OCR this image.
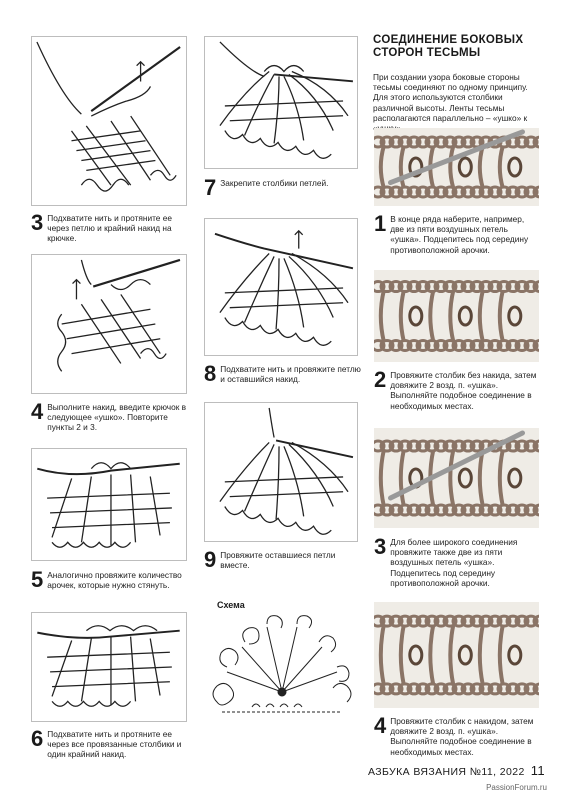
3 Подхватите нить и протяните ее через петлю и крайний накид на крючке.
4 Выполните накид, введите крючок в следующее «ушко». Повторите пункты 2 и 3.
5 Аналогично провяжите количество арочек, которые нужно стянуть.
6 Подхватите нить и протяните ее через все провязанные столбики и один крайний накид.
7 Закрепите столбики петлей.
8 Подхватите нить и провяжите петлю и оставшийся накид.
9 Провяжите оставшиеся петли вместе.
Схема
СОЕДИНЕНИЕ БОКОВЫХ
СТОРОН ТЕСЬМЫ
При создании узора боковые стороны тесьмы соединяют по одному принципу. Для этого используются столбики различной высоты. Ленты тесьмы располагаются параллельно – «ушко» к
1 В конце ряда наберите, например, две из пяти воздушных петель «ушка». Подцепитесь под середину противоположной арочки.
2 Провяжите столбик без накида, затем довяжите 2 возд. п. «ушка». Выполняйте подобное соединение в необходимых местах.
3 Для более широкого соединения провяжите также две из пяти воздушных петель «ушка». Подцепитесь под середину противоположной арочки.
4 Провяжите столбик с накидом, затем довяжите 2 возд. п. «ушка». Выполняйте подобное соединение в необходимых местах.
АЗБУКА ВЯЗАНИЯ №11, 2022 11
PassionForum.ru
